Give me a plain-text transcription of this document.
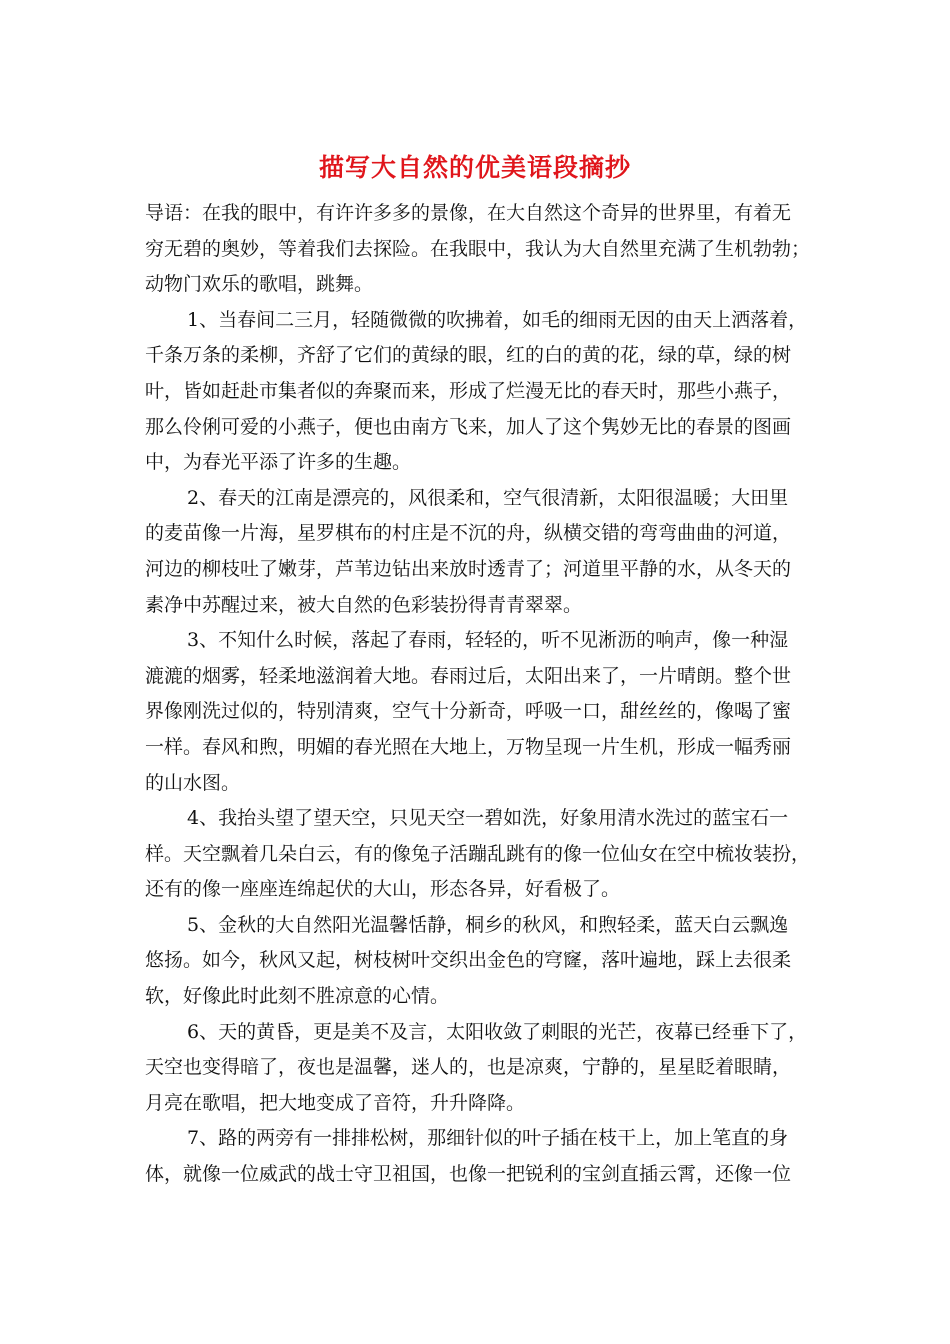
描写大自然的优美语段摘抄
导语：在我的眼中，有许许多多的景像，在大自然这个奇异的世界里，有着无
穷无碧的奥妙，等着我们去探险。在我眼中，我认为大自然里充满了生机勃勃；
动物门欢乐的歌唱，跳舞。
1、当春间二三月，轻随微微的吹拂着，如毛的细雨无因的由天上洒落着，
千条万条的柔柳，齐舒了它们的黄绿的眼，红的白的黄的花，绿的草，绿的树
叶，皆如赶赴市集者似的奔聚而来，形成了烂漫无比的春天时，那些小燕子，
那么伶俐可爱的小燕子，便也由南方飞来，加人了这个隽妙无比的春景的图画
中，为春光平添了许多的生趣。
2、春天的江南是漂亮的，风很柔和，空气很清新，太阳很温暖；大田里
的麦苗像一片海，星罗棋布的村庄是不沉的舟，纵横交错的弯弯曲曲的河道，
河边的柳枝吐了嫩芽，芦苇边钻出来放时透青了；河道里平静的水，从冬天的
素净中苏醒过来，被大自然的色彩装扮得青青翠翠。
3、不知什么时候，落起了春雨，轻轻的，听不见淅沥的响声，像一种湿
漉漉的烟雾，轻柔地滋润着大地。春雨过后，太阳出来了，一片晴朗。整个世
界像刚洗过似的，特别清爽，空气十分新奇，呼吸一口，甜丝丝的，像喝了蜜
一样。春风和煦，明媚的春光照在大地上，万物呈现一片生机，形成一幅秀丽
的山水图。
4、我抬头望了望天空，只见天空一碧如洗，好象用清水洗过的蓝宝石一
样。天空飘着几朵白云，有的像兔子活蹦乱跳有的像一位仙女在空中梳妆装扮，
还有的像一座座连绵起伏的大山，形态各异，好看极了。
5、金秋的大自然阳光温馨恬静，桐乡的秋风，和煦轻柔，蓝天白云飘逸
悠扬。如今，秋风又起，树枝树叶交织出金色的穹窿，落叶遍地，踩上去很柔
软，好像此时此刻不胜凉意的心情。
6、天的黄昏，更是美不及言，太阳收敛了刺眼的光芒，夜幕已经垂下了，
天空也变得暗了，夜也是温馨，迷人的，也是凉爽，宁静的，星星眨着眼睛，
月亮在歌唱，把大地变成了音符，升升降降。
7、路的两旁有一排排松树，那细针似的叶子插在枝干上，加上笔直的身
体，就像一位威武的战士守卫祖国，也像一把锐利的宝剑直插云霄，还像一位
